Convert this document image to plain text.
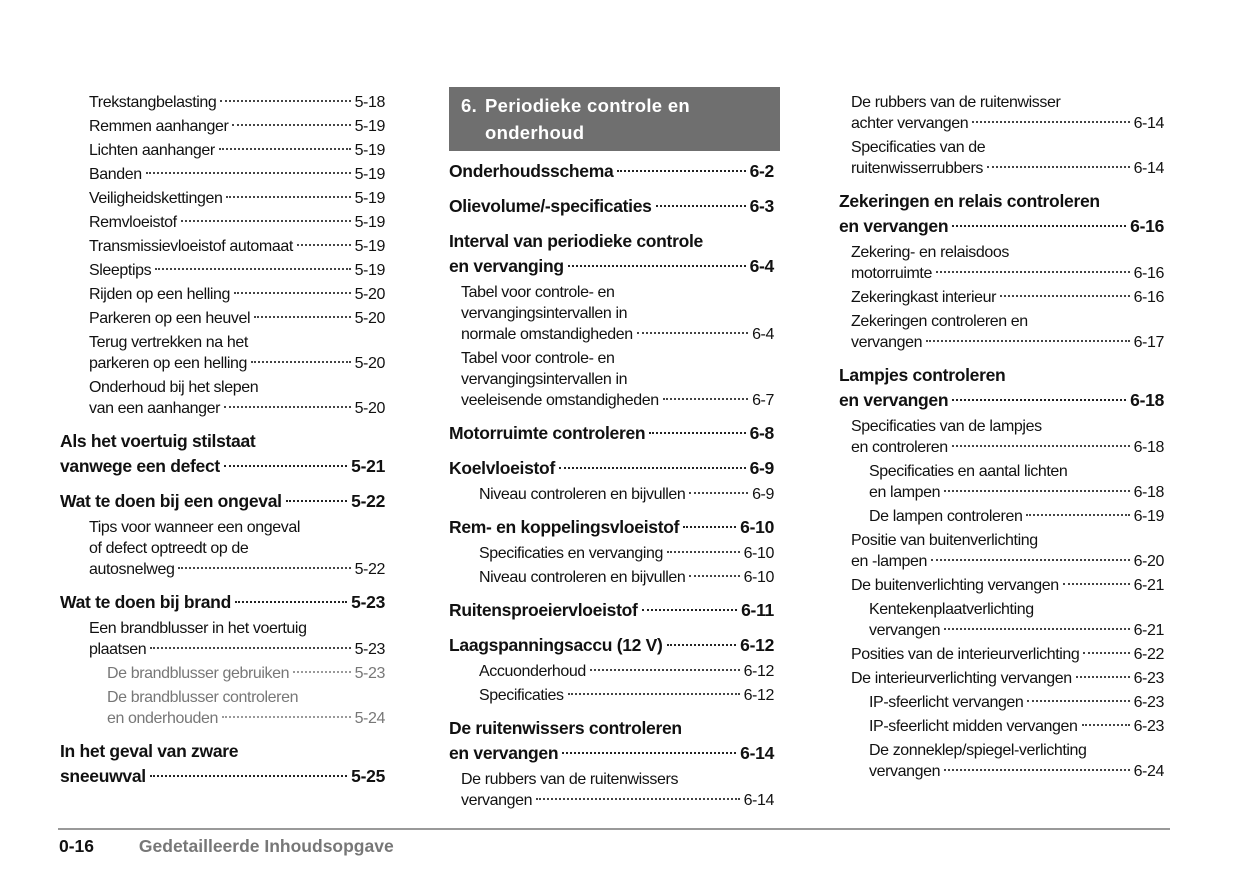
Trekstangbelasting	5-18
Remmen aanhanger	5-19
Lichten aanhanger	5-19
Banden	5-19
Veiligheidskettingen	5-19
Remvloeistof	5-19
Transmissievloeistof automaat	5-19
Sleeptips	5-19
Rijden op een helling	5-20
Parkeren op een heuvel	5-20
Terug vertrekken na het
parkeren op een helling	5-20
Onderhoud bij het slepen
van een aanhanger	5-20
Als het voertuig stilstaat
vanwege een defect	5-21
Wat te doen bij een ongeval	5-22
Tips voor wanneer een ongeval
of defect optreedt op de
autosnelweg	5-22
Wat te doen bij brand	5-23
Een brandblusser in het voertuig
plaatsen	5-23
De brandblusser gebruiken	5-23
De brandblusser controleren
en onderhouden	5-24
In het geval van zware
sneeuwval	5-25
6. Periodieke controle en onderhoud
Onderhoudsschema	6-2
Olievolume/-specificaties	6-3
Interval van periodieke controle
en vervanging	6-4
Tabel voor controle- en
vervangingsintervallen in
normale omstandigheden	6-4
Tabel voor controle- en
vervangingsintervallen in
veeleisende omstandigheden	6-7
Motorruimte controleren	6-8
Koelvloeistof	6-9
Niveau controleren en bijvullen	6-9
Rem- en koppelingsvloeistof	6-10
Specificaties en vervanging	6-10
Niveau controleren en bijvullen	6-10
Ruitensproeiervloeistof	6-11
Laagspanningsaccu (12 V)	6-12
Accuonderhoud	6-12
Specificaties	6-12
De ruitenwissers controleren
en vervangen	6-14
De rubbers van de ruitenwissers
vervangen	6-14
De rubbers van de ruitenwisser
achter vervangen	6-14
Specificaties van de
ruitenwisserrubbers	6-14
Zekeringen en relais controleren
en vervangen	6-16
Zekering- en relaisdoos
motorruimte	6-16
Zekeringkast interieur	6-16
Zekeringen controleren en
vervangen	6-17
Lampjes controleren
en vervangen	6-18
Specificaties van de lampjes
en controleren	6-18
Specificaties en aantal lichten
en lampen	6-18
De lampen controleren	6-19
Positie van buitenverlichting
en -lampen	6-20
De buitenverlichting vervangen	6-21
Kentekenplaatverlichting
vervangen	6-21
Posities van de interieurverlichting	6-22
De interieurverlichting vervangen	6-23
IP-sfeerlicht vervangen	6-23
IP-sfeerlicht midden vervangen	6-23
De zonneklep/spiegel-verlichting
vervangen	6-24
0-16	Gedetailleerde Inhoudsopgave
